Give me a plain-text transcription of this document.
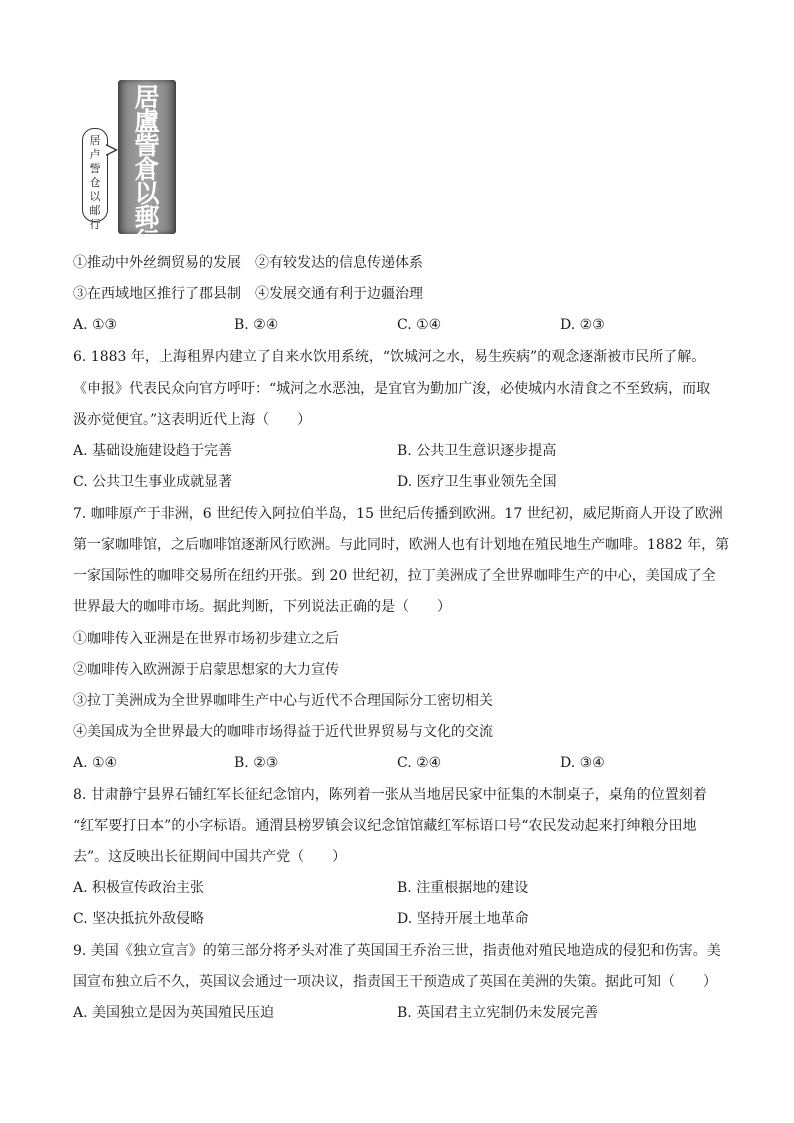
居
卢
訾
仓
以
邮
行
居
盧
訾
倉
以
郵
行
①推动中外丝绸贸易的发展　②有较发达的信息传递体系
③在西域地区推行了郡县制　④发展交通有利于边疆治理
A. ①③	B. ②④	C. ①④	D. ②③
6. 1883 年，上海租界内建立了自来水饮用系统，“饮城河之水，易生疾病”的观念逐渐被市民所了解。
《申报》代表民众向官方呼吁：“城河之水恶浊，是宜官为勤加广浚，必使城内水清食之不至致病，而取
汲亦觉便宜。”这表明近代上海（　　）
A. 基础设施建设趋于完善	B. 公共卫生意识逐步提高
C. 公共卫生事业成就显著	D. 医疗卫生事业领先全国
7. 咖啡原产于非洲，6 世纪传入阿拉伯半岛，15 世纪后传播到欧洲。17 世纪初，威尼斯商人开设了欧洲
第一家咖啡馆，之后咖啡馆逐渐风行欧洲。与此同时，欧洲人也有计划地在殖民地生产咖啡。1882 年，第
一家国际性的咖啡交易所在纽约开张。到 20 世纪初，拉丁美洲成了全世界咖啡生产的中心，美国成了全
世界最大的咖啡市场。据此判断，下列说法正确的是（　　）
①咖啡传入亚洲是在世界市场初步建立之后
②咖啡传入欧洲源于启蒙思想家的大力宣传
③拉丁美洲成为全世界咖啡生产中心与近代不合理国际分工密切相关
④美国成为全世界最大的咖啡市场得益于近代世界贸易与文化的交流
A. ①④	B. ②③	C. ②④	D. ③④
8. 甘肃静宁县界石铺红军长征纪念馆内，陈列着一张从当地居民家中征集的木制桌子，桌角的位置刻着
“红军要打日本”的小字标语。通渭县榜罗镇会议纪念馆馆藏红军标语口号“农民发动起来打绅粮分田地
去”。这反映出长征期间中国共产党（　　）
A. 积极宣传政治主张	B. 注重根据地的建设
C. 坚决抵抗外敌侵略	D. 坚持开展土地革命
9. 美国《独立宣言》的第三部分将矛头对准了英国国王乔治三世，指责他对殖民地造成的侵犯和伤害。美
国宣布独立后不久，英国议会通过一项决议，指责国王干预造成了英国在美洲的失策。据此可知（　　）
A. 美国独立是因为英国殖民压迫	B. 英国君主立宪制仍未发展完善
